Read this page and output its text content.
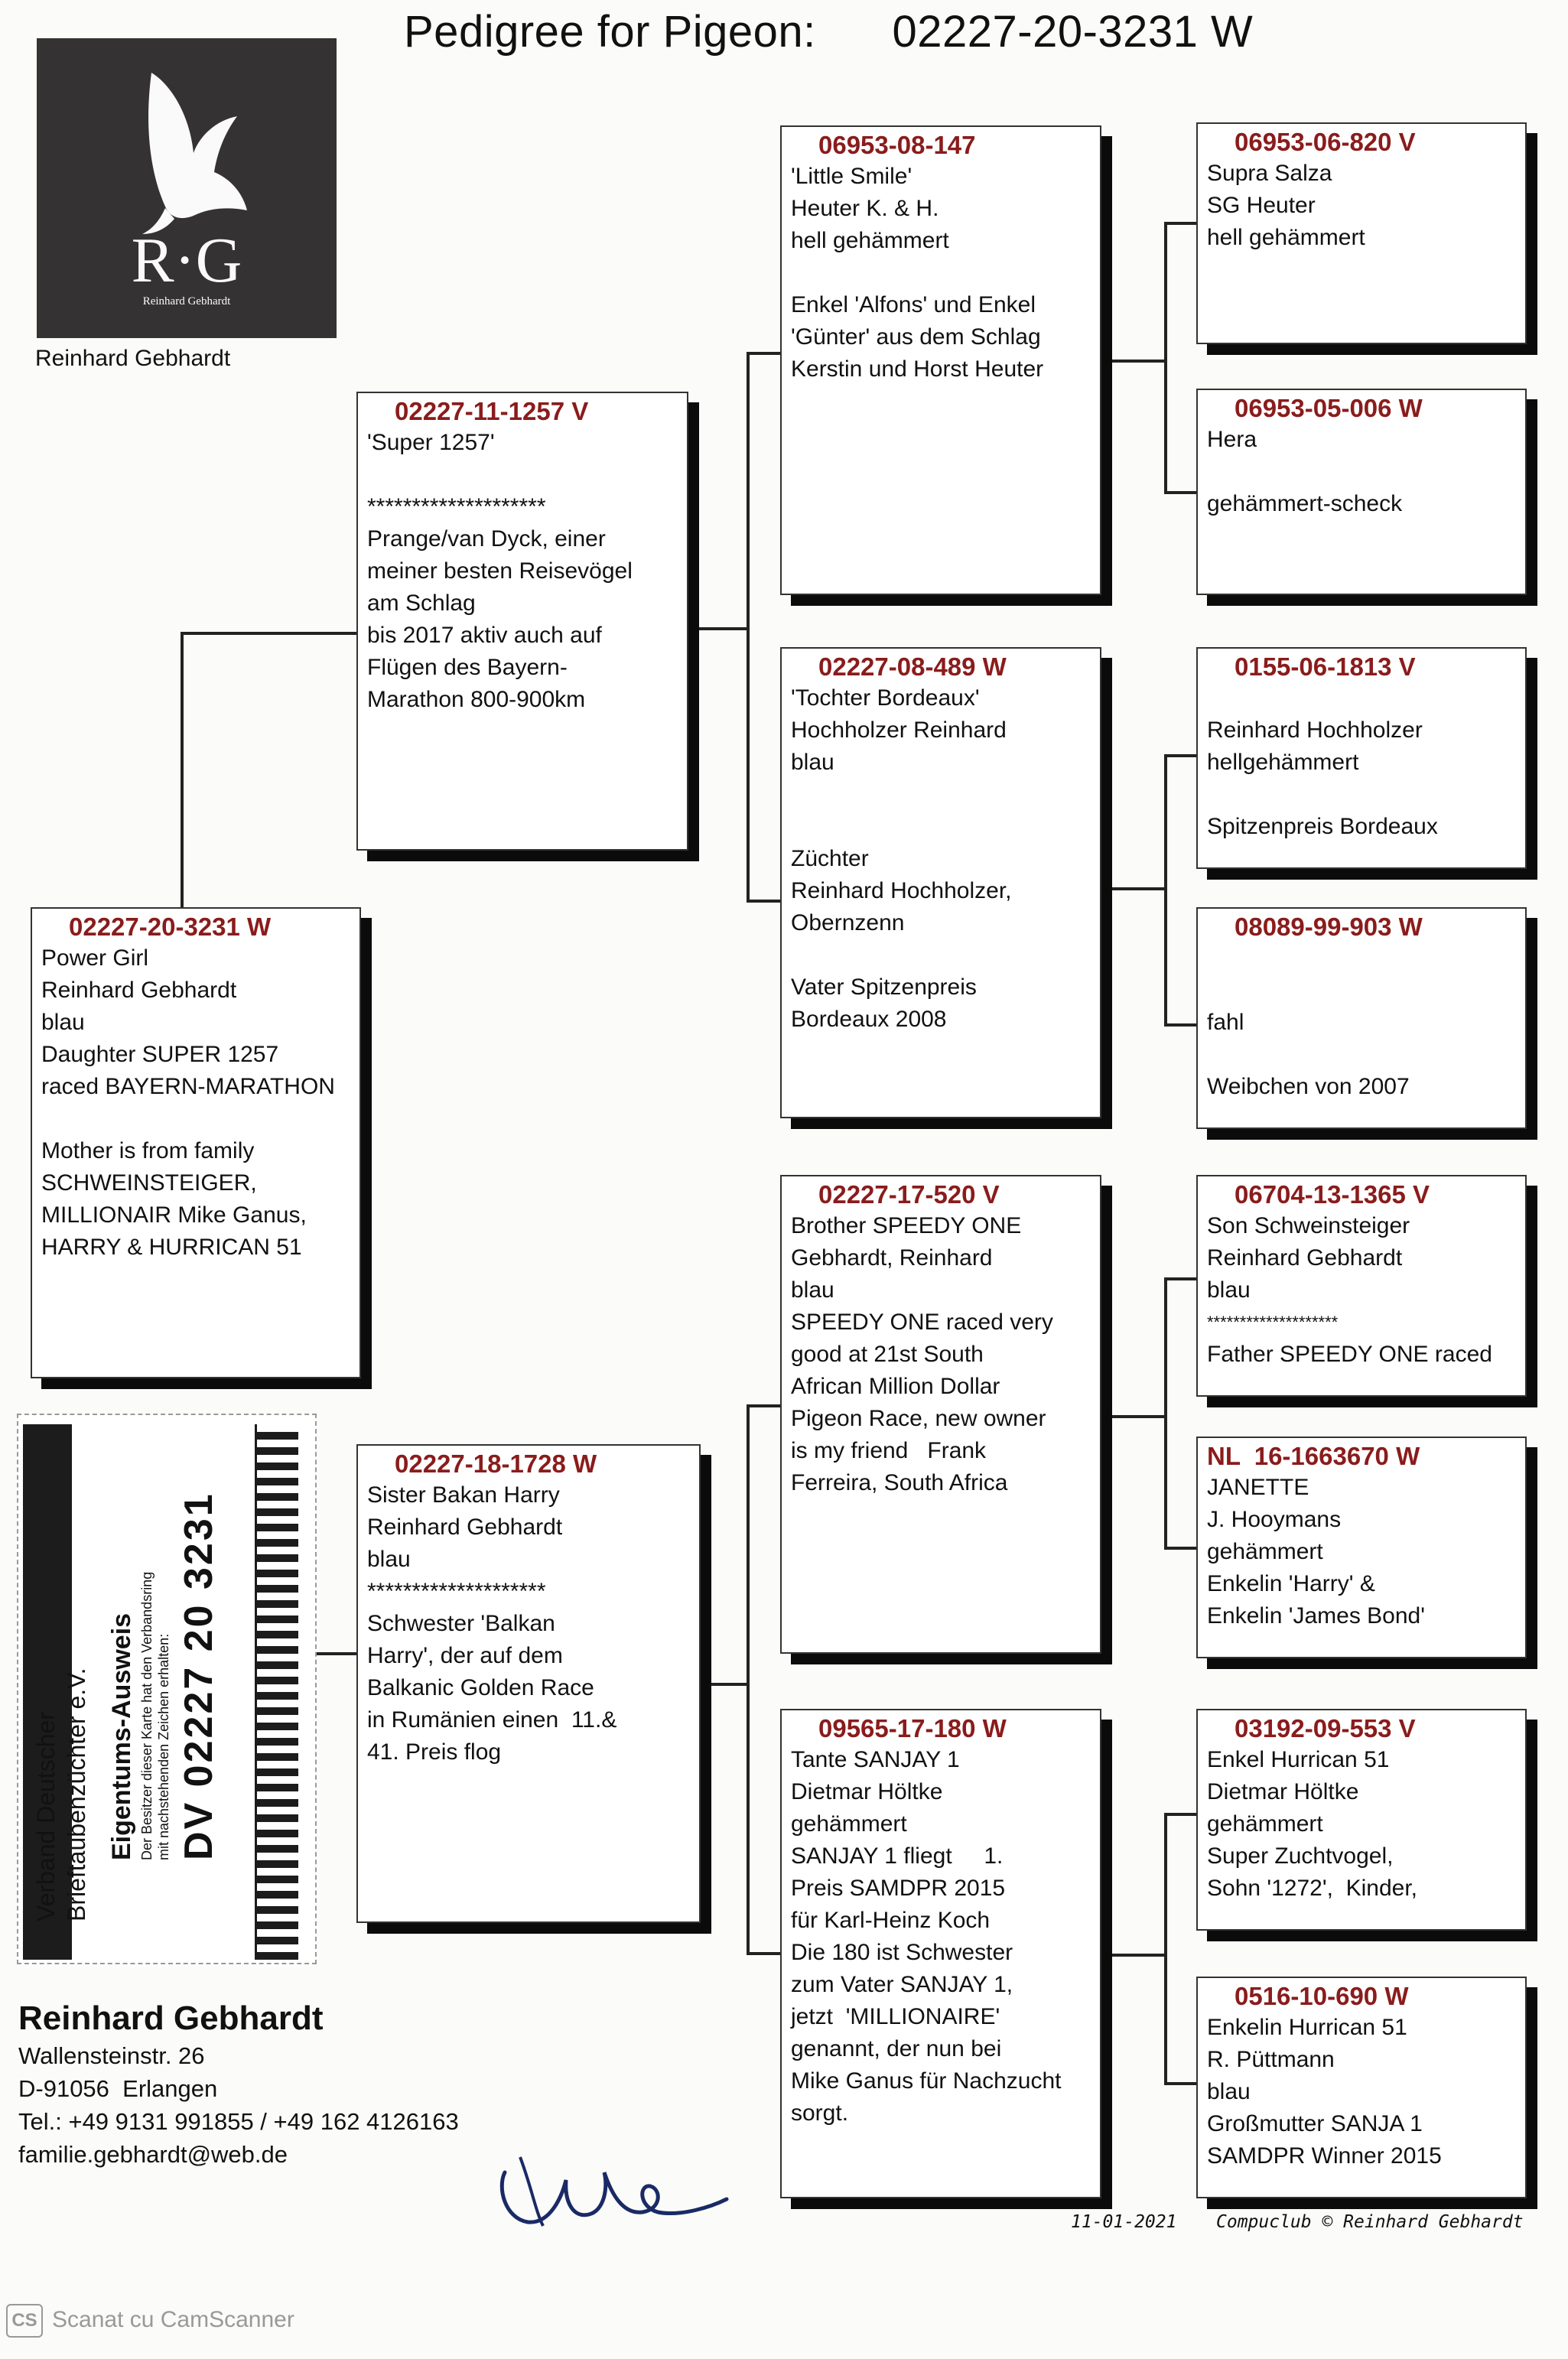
Pedigree for Pigeon:      02227-20-3231 W
R·G
Reinhard Gebhardt
Reinhard Gebhardt
02227-20-3231 W
Power Girl
Reinhard Gebhardt
blau
Daughter SUPER 1257
raced BAYERN-MARATHON
Mother is from family
SCHWEINSTEIGER,
MILLIONAIR Mike Ganus,
HARRY & HURRICAN 51
02227-11-1257 V
'Super 1257'
********************
Prange/van Dyck, einer
meiner besten Reisevögel
am Schlag
bis 2017 aktiv auch auf
Flügen des Bayern-
Marathon 800-900km
02227-18-1728 W
Sister Bakan Harry
Reinhard Gebhardt
blau
********************
Schwester 'Balkan
Harry', der auf dem
Balkanic Golden Race
in Rumänien einen  11.&
41. Preis flog
06953-08-147
'Little Smile'
Heuter K. & H.
hell gehämmert
Enkel 'Alfons' und Enkel
'Günter' aus dem Schlag
Kerstin und Horst Heuter
02227-08-489 W
'Tochter Bordeaux'
Hochholzer Reinhard
blau
Züchter
Reinhard Hochholzer,
Obernzenn
Vater Spitzenpreis
Bordeaux 2008
02227-17-520 V
Brother SPEEDY ONE
Gebhardt, Reinhard
blau
SPEEDY ONE raced very
good at 21st South
African Million Dollar
Pigeon Race, new owner
is my friend   Frank
Ferreira, South Africa
09565-17-180 W
Tante SANJAY 1
Dietmar Höltke
gehämmert
SANJAY 1 fliegt     1.
Preis SAMDPR 2015
für Karl-Heinz Koch
Die 180 ist Schwester
zum Vater SANJAY 1,
jetzt  'MILLIONAIRE'
genannt, der nun bei
Mike Ganus für Nachzucht
sorgt.
06953-06-820 V
Supra Salza
SG Heuter
hell gehämmert
06953-05-006 W
Hera
gehämmert-scheck
0155-06-1813 V
Reinhard Hochholzer
hellgehämmert
Spitzenpreis Bordeaux
08089-99-903 W
fahl
Weibchen von 2007
06704-13-1365 V
Son Schweinsteiger
Reinhard Gebhardt
blau
********************
Father SPEEDY ONE raced
NL  16-1663670 W
JANETTE
J. Hooymans
gehämmert
Enkelin 'Harry' &
Enkelin 'James Bond'
03192-09-553 V
Enkel Hurrican 51
Dietmar Höltke
gehämmert
Super Zuchtvogel,
Sohn '1272',  Kinder,
0516-10-690 W
Enkelin Hurrican 51
R. Püttmann
blau
Großmutter SANJA 1
SAMDPR Winner 2015
Verband Deutscher Brieftaubenzüchter e.V. Eigentums-Ausweis Der Besitzer dieser Karte hat den Verbandsring mit nachstehenden Zeichen erhalten: DV 02227 20 3231
Reinhard Gebhardt
Wallensteinstr. 26
D-91056  Erlangen
Tel.: +49 9131 991855 / +49 162 4126163
familie.gebhardt@web.de
11-01-2021 Compuclub © Reinhard Gebhardt
CS Scanat cu CamScanner
